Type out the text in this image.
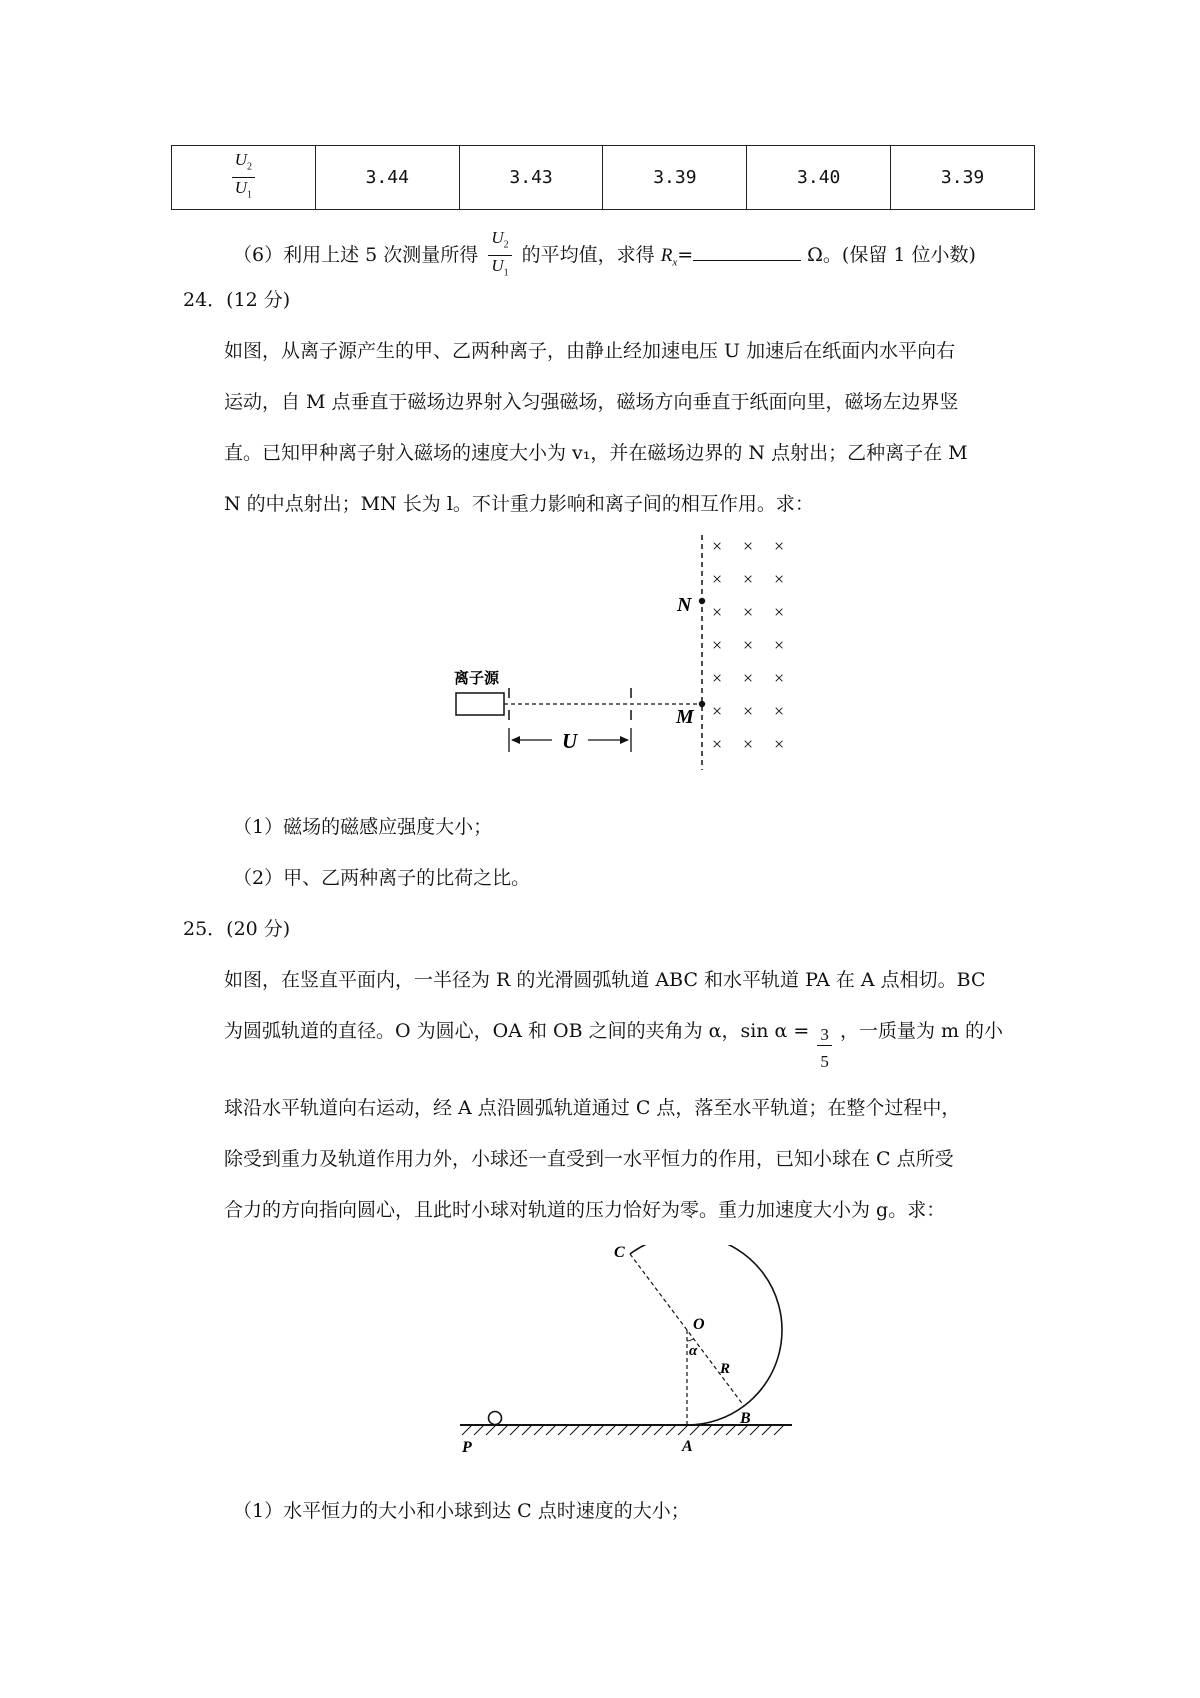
$\frac{U_2}{U_1}$	3.44	3.43	3.39	3.40	3.39
（6）利用上述 5 次测量所得 $\frac{U_2}{U_1}$ 的平均值，求得 $R_x=$	Ω。(保留 1 位小数)
24．(12 分)
如图，从离子源产生的甲、乙两种离子，由静止经加速电压 U 加速后在纸面内水平向右
运动，自 M 点垂直于磁场边界射入匀强磁场，磁场方向垂直于纸面向里，磁场左边界竖
直。已知甲种离子射入磁场的速度大小为 v₁，并在磁场边界的 N 点射出；乙种离子在 M
N 的中点射出；MN 长为 l。不计重力影响和离子间的相互作用。求：
× × ×
× × ×
× × ×
× × ×
× × ×
× × ×
× × ×
N
M
离子源
U
（1）磁场的磁感应强度大小；
（2）甲、乙两种离子的比荷之比。
25．(20 分)
如图，在竖直平面内，一半径为 R 的光滑圆弧轨道 ABC 和水平轨道 PA 在 A 点相切。BC
为圆弧轨道的直径。O 为圆心，OA 和 OB 之间的夹角为 α，$\sin \alpha = \frac{3}{5}$ ，一质量为 m 的小
球沿水平轨道向右运动，经 A 点沿圆弧轨道通过 C 点，落至水平轨道；在整个过程中，
除受到重力及轨道作用力外，小球还一直受到一水平恒力的作用，已知小球在 C 点所受
合力的方向指向圆心，且此时小球对轨道的压力恰好为零。重力加速度大小为 g。求：
C
O
α
R
B
P	A
（1）水平恒力的大小和小球到达 C 点时速度的大小；
